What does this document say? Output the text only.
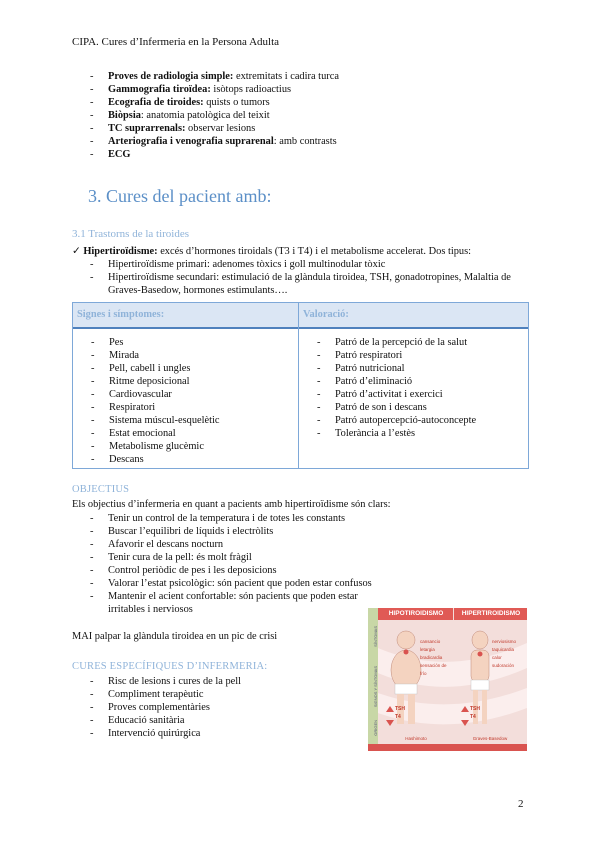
CIPA. Cures d’Infermeria en la Persona Adulta
- Proves de radiologia simple: extremitats i cadira turca
- Gammografia tiroïdea: isòtops radioactius
- Ecografia de tiroides: quists o tumors
- Biòpsia: anatomia patològica del teixit
- TC suprarrenals: observar lesions
- Arteriografia i venografia suprarenal: amb contrasts
- ECG
3. Cures del pacient amb:
3.1 Trastorns de la tiroides
✓ Hipertiroïdisme: excés d’hormones tiroidals (T3 i T4) i el metabolisme accelerat. Dos tipus:
- Hipertiroïdisme primari: adenomes tòxics i goll multinodular tòxic
- Hipertiroïdisme secundari: estimulació de la glàndula tiroidea, TSH, gonadotropines, Malaltia de Graves-Basedow, hormones estimulants….
Signes i símptomes:	Valoració:
- Pes
- Mirada
- Pell, cabell i ungles
- Ritme deposicional
- Cardiovascular
- Respiratori
- Sistema múscul-esquelètic
- Estat emocional
- Metabolisme glucèmic
- Descans
- Patró de la percepció de la salut
- Patró respiratori
- Patró nutricional
- Patró d’eliminació
- Patró d’activitat i exercici
- Patró de son i descans
- Patró autopercepció-autoconcepte
- Tolerància a l’estès
OBJECTIUS
Els objectius d’infermeria en quant a pacients amb hipertiroïdisme són clars:
- Tenir un control de la temperatura i de totes les constants
- Buscar l’equilibri de líquids i electròlits
- Afavorir el descans nocturn
- Tenir cura de la pell: és molt fràgil
- Control periòdic de pes i les deposicions
- Valorar l’estat psicològic: són pacient que poden estar confusos
- Mantenir el acient confortable: són pacients que poden estar irritables i nerviosos
MAI palpar la glàndula tiroidea en un pic de crisi
CURES ESPECÍFIQUES D’INFERMERIA:
- Risc de lesions i cures de la pell
- Compliment terapèutic
- Proves complementàries
- Educació sanitària
- Intervenció quirúrgica
HIPOTIROIDISMO	HIPERTIROIDISMO
SÍNTOMAS
SIGNOS Y SÍNTOMAS
ORIGEN
cansancio
letargia
bradicardia
sensación de frío
nerviosismo
taquicardia
calor
sudoración
TSH
T4
TSH
T4
Hashimoto	Graves-Basedow
2
